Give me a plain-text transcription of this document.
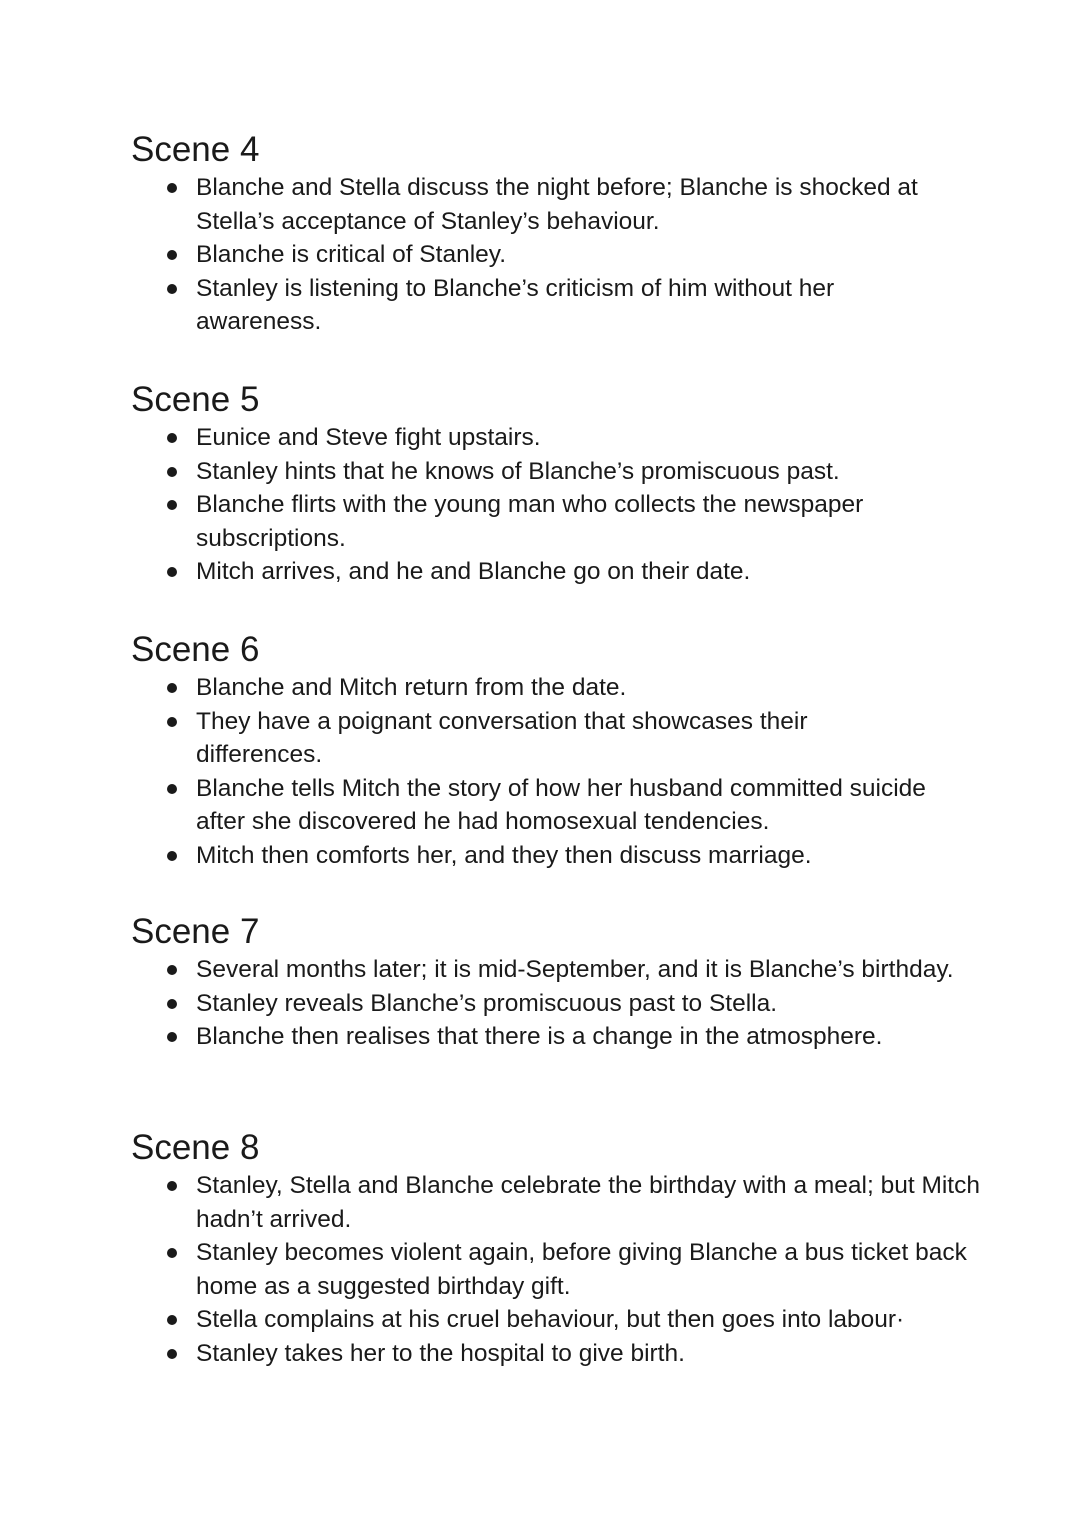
Scene 4
Blanche and Stella discuss the night before; Blanche is shocked at Stella’s acceptance of Stanley’s behaviour.
Blanche is critical of Stanley.
Stanley is listening to Blanche’s criticism of him without her awareness.
Scene 5
Eunice and Steve fight upstairs.
Stanley hints that he knows of Blanche’s promiscuous past.
Blanche flirts with the young man who collects the newspaper subscriptions.
Mitch arrives, and he and Blanche go on their date.
Scene 6
Blanche and Mitch return from the date.
They have a poignant conversation that showcases their differences.
Blanche tells Mitch the story of how her husband committed suicide after she discovered he had homosexual tendencies.
Mitch then comforts her, and they then discuss marriage.
Scene 7
Several months later; it is mid-September, and it is Blanche’s birthday.
Stanley reveals Blanche’s promiscuous past to Stella.
Blanche then realises that there is a change in the atmosphere.
Scene 8
Stanley, Stella and Blanche celebrate the birthday with a meal; but Mitch hadn’t arrived.
Stanley becomes violent again, before giving Blanche a bus ticket back home as a suggested birthday gift.
Stella complains at his cruel behaviour, but then goes into labour·
Stanley takes her to the hospital to give birth.
